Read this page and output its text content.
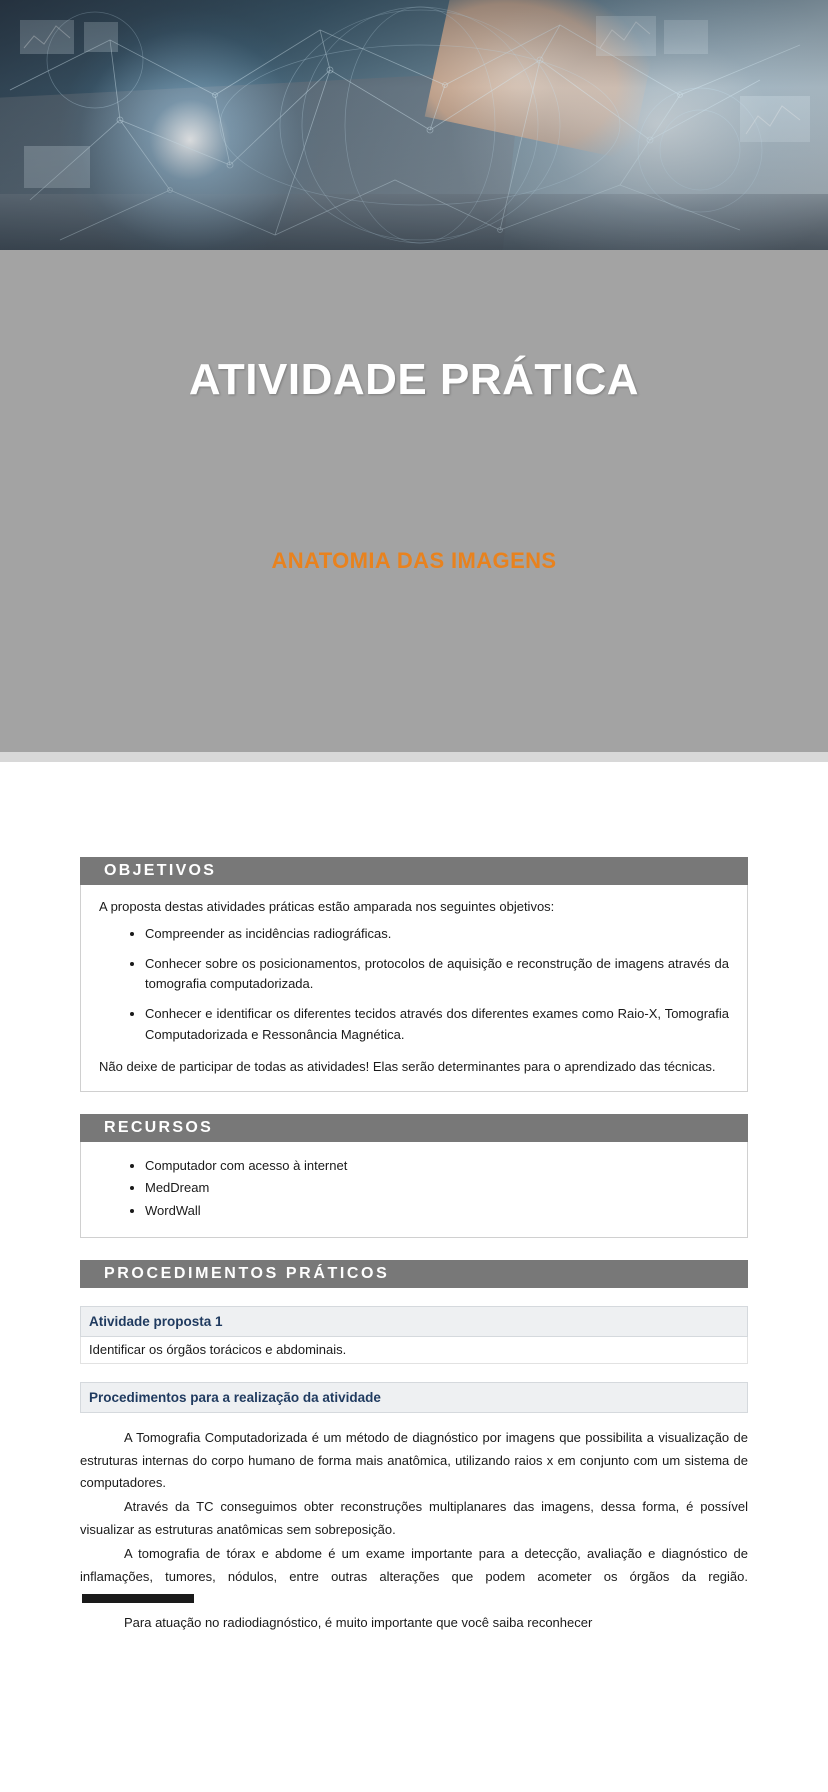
ATIVIDADE PRÁTICA
ANATOMIA DAS IMAGENS
OBJETIVOS

A proposta destas atividades práticas estão amparada nos seguintes objetivos:

• Compreender as incidências radiográficas.
• Conhecer sobre os posicionamentos, protocolos de aquisição e reconstrução de imagens através da tomografia computadorizada.
• Conhecer e identificar os diferentes tecidos através dos diferentes exames como Raio-X, Tomografia Computadorizada e Ressonância Magnética.

Não deixe de participar de todas as atividades! Elas serão determinantes para o aprendizado das técnicas.

RECURSOS
• Computador com acesso à internet
• MedDream
• WordWall
PROCEDIMENTOS PRÁTICOS
Atividade proposta 1
Identificar os órgãos torácicos e abdominais.
Procedimentos para a realização da atividade

A Tomografia Computadorizada é um método de diagnóstico por imagens que possibilita a visualização de estruturas internas do corpo humano de forma mais anatômica, utilizando raios x em conjunto com um sistema de computadores.

Através da TC conseguimos obter reconstruções multiplanares das imagens, dessa forma, é possível visualizar as estruturas anatômicas sem sobreposição.

A tomografia de tórax e abdome é um exame importante para a detecção, avaliação e diagnóstico de inflamações, tumores, nódulos, entre outras alterações que podem acometer os órgãos da região.

Para atuação no radiodiagnóstico, é muito importante que você saiba reconhecer
